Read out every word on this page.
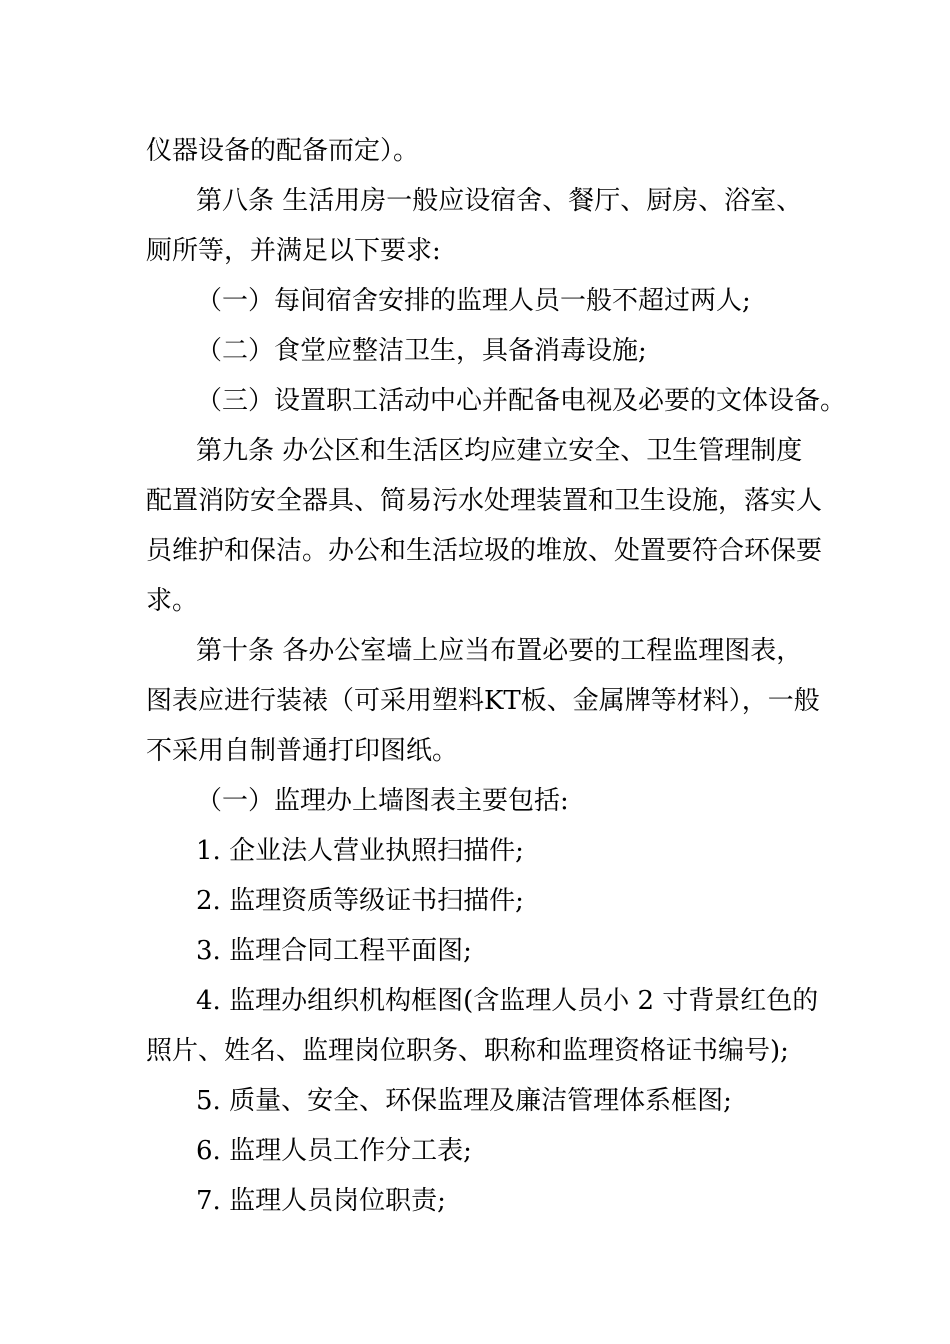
仪器设备的配备而定）。
第八条 生活用房一般应设宿舍、餐厅、厨房、浴室、
厕所等，并满足以下要求:
（一）每间宿舍安排的监理人员一般不超过两人;
（二）食堂应整洁卫生，具备消毒设施;
（三）设置职工活动中心并配备电视及必要的文体设备。
第九条 办公区和生活区均应建立安全、卫生管理制度
配置消防安全器具、简易污水处理装置和卫生设施，落实人
员维护和保洁。办公和生活垃圾的堆放、处置要符合环保要
求。
第十条 各办公室墙上应当布置必要的工程监理图表，
图表应进行装裱（可采用塑料KT板、金属牌等材料），一般
不采用自制普通打印图纸。
（一）监理办上墙图表主要包括:
1. 企业法人营业执照扫描件;
2. 监理资质等级证书扫描件;
3. 监理合同工程平面图;
4. 监理办组织机构框图(含监理人员小 2 寸背景红色的
照片、姓名、监理岗位职务、职称和监理资格证书编号);
5. 质量、安全、环保监理及廉洁管理体系框图;
6. 监理人员工作分工表;
7. 监理人员岗位职责;
